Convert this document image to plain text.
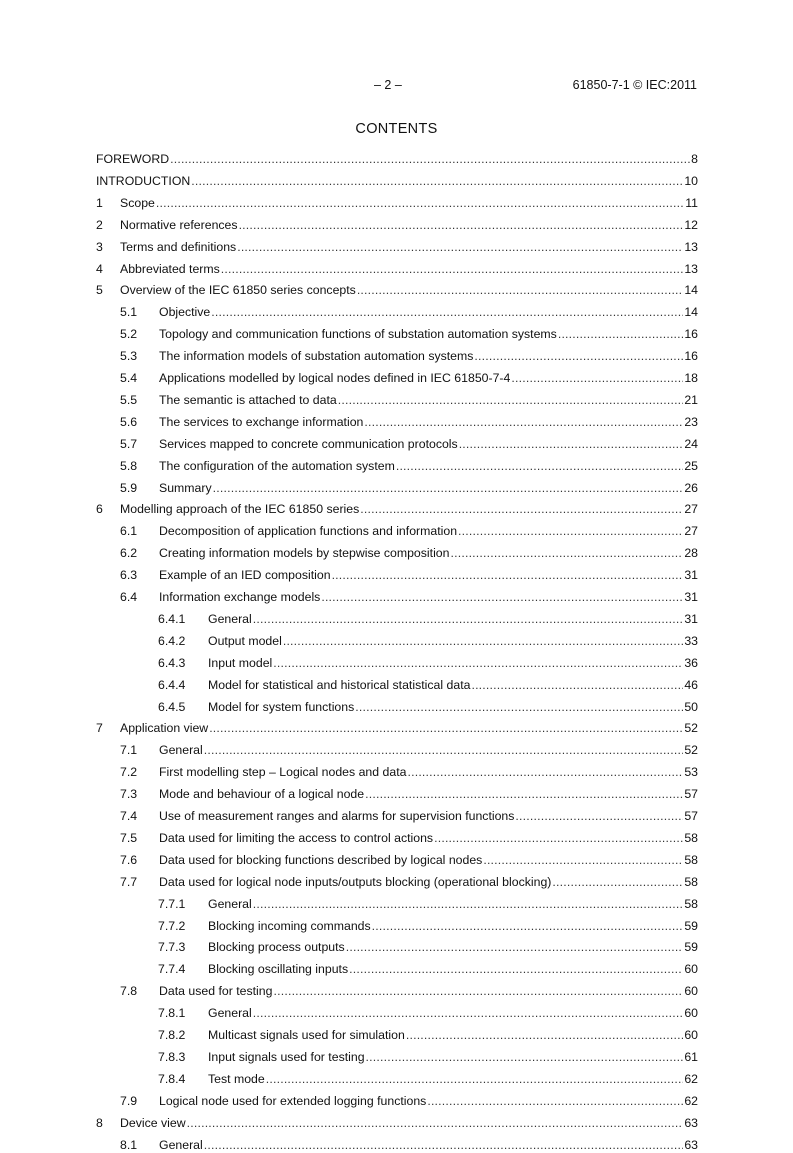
– 2 –	61850-7-1 © IEC:2011
CONTENTS
FOREWORD .....	8
INTRODUCTION .....	10
1	Scope .....	11
2	Normative references .....	12
3	Terms and definitions .....	13
4	Abbreviated terms .....	13
5	Overview of the IEC 61850 series concepts .....	14
5.1	Objective .....	14
5.2	Topology and communication functions of substation automation systems .....	16
5.3	The information models of substation automation systems .....	16
5.4	Applications modelled by logical nodes defined in IEC 61850-7-4 .....	18
5.5	The semantic is attached to data .....	21
5.6	The services to exchange information .....	23
5.7	Services mapped to concrete communication protocols .....	24
5.8	The configuration of the automation system .....	25
5.9	Summary .....	26
6	Modelling approach of the IEC 61850 series .....	27
6.1	Decomposition of application functions and information .....	27
6.2	Creating information models by stepwise composition .....	28
6.3	Example of an IED composition .....	31
6.4	Information exchange models .....	31
6.4.1	General .....	31
6.4.2	Output model .....	33
6.4.3	Input model .....	36
6.4.4	Model for statistical and historical statistical data .....	46
6.4.5	Model for system functions .....	50
7	Application view .....	52
7.1	General .....	52
7.2	First modelling step – Logical nodes and data .....	53
7.3	Mode and behaviour of a logical node .....	57
7.4	Use of measurement ranges and alarms for supervision functions .....	57
7.5	Data used for limiting the access to control actions .....	58
7.6	Data used for blocking functions described by logical nodes .....	58
7.7	Data used for logical node inputs/outputs blocking (operational blocking) .....	58
7.7.1	General .....	58
7.7.2	Blocking incoming commands .....	59
7.7.3	Blocking process outputs .....	59
7.7.4	Blocking oscillating inputs .....	60
7.8	Data used for testing .....	60
7.8.1	General .....	60
7.8.2	Multicast signals used for simulation .....	60
7.8.3	Input signals used for testing .....	61
7.8.4	Test mode .....	62
7.9	Logical node used for extended logging functions .....	62
8	Device view .....	63
8.1	General .....	63
